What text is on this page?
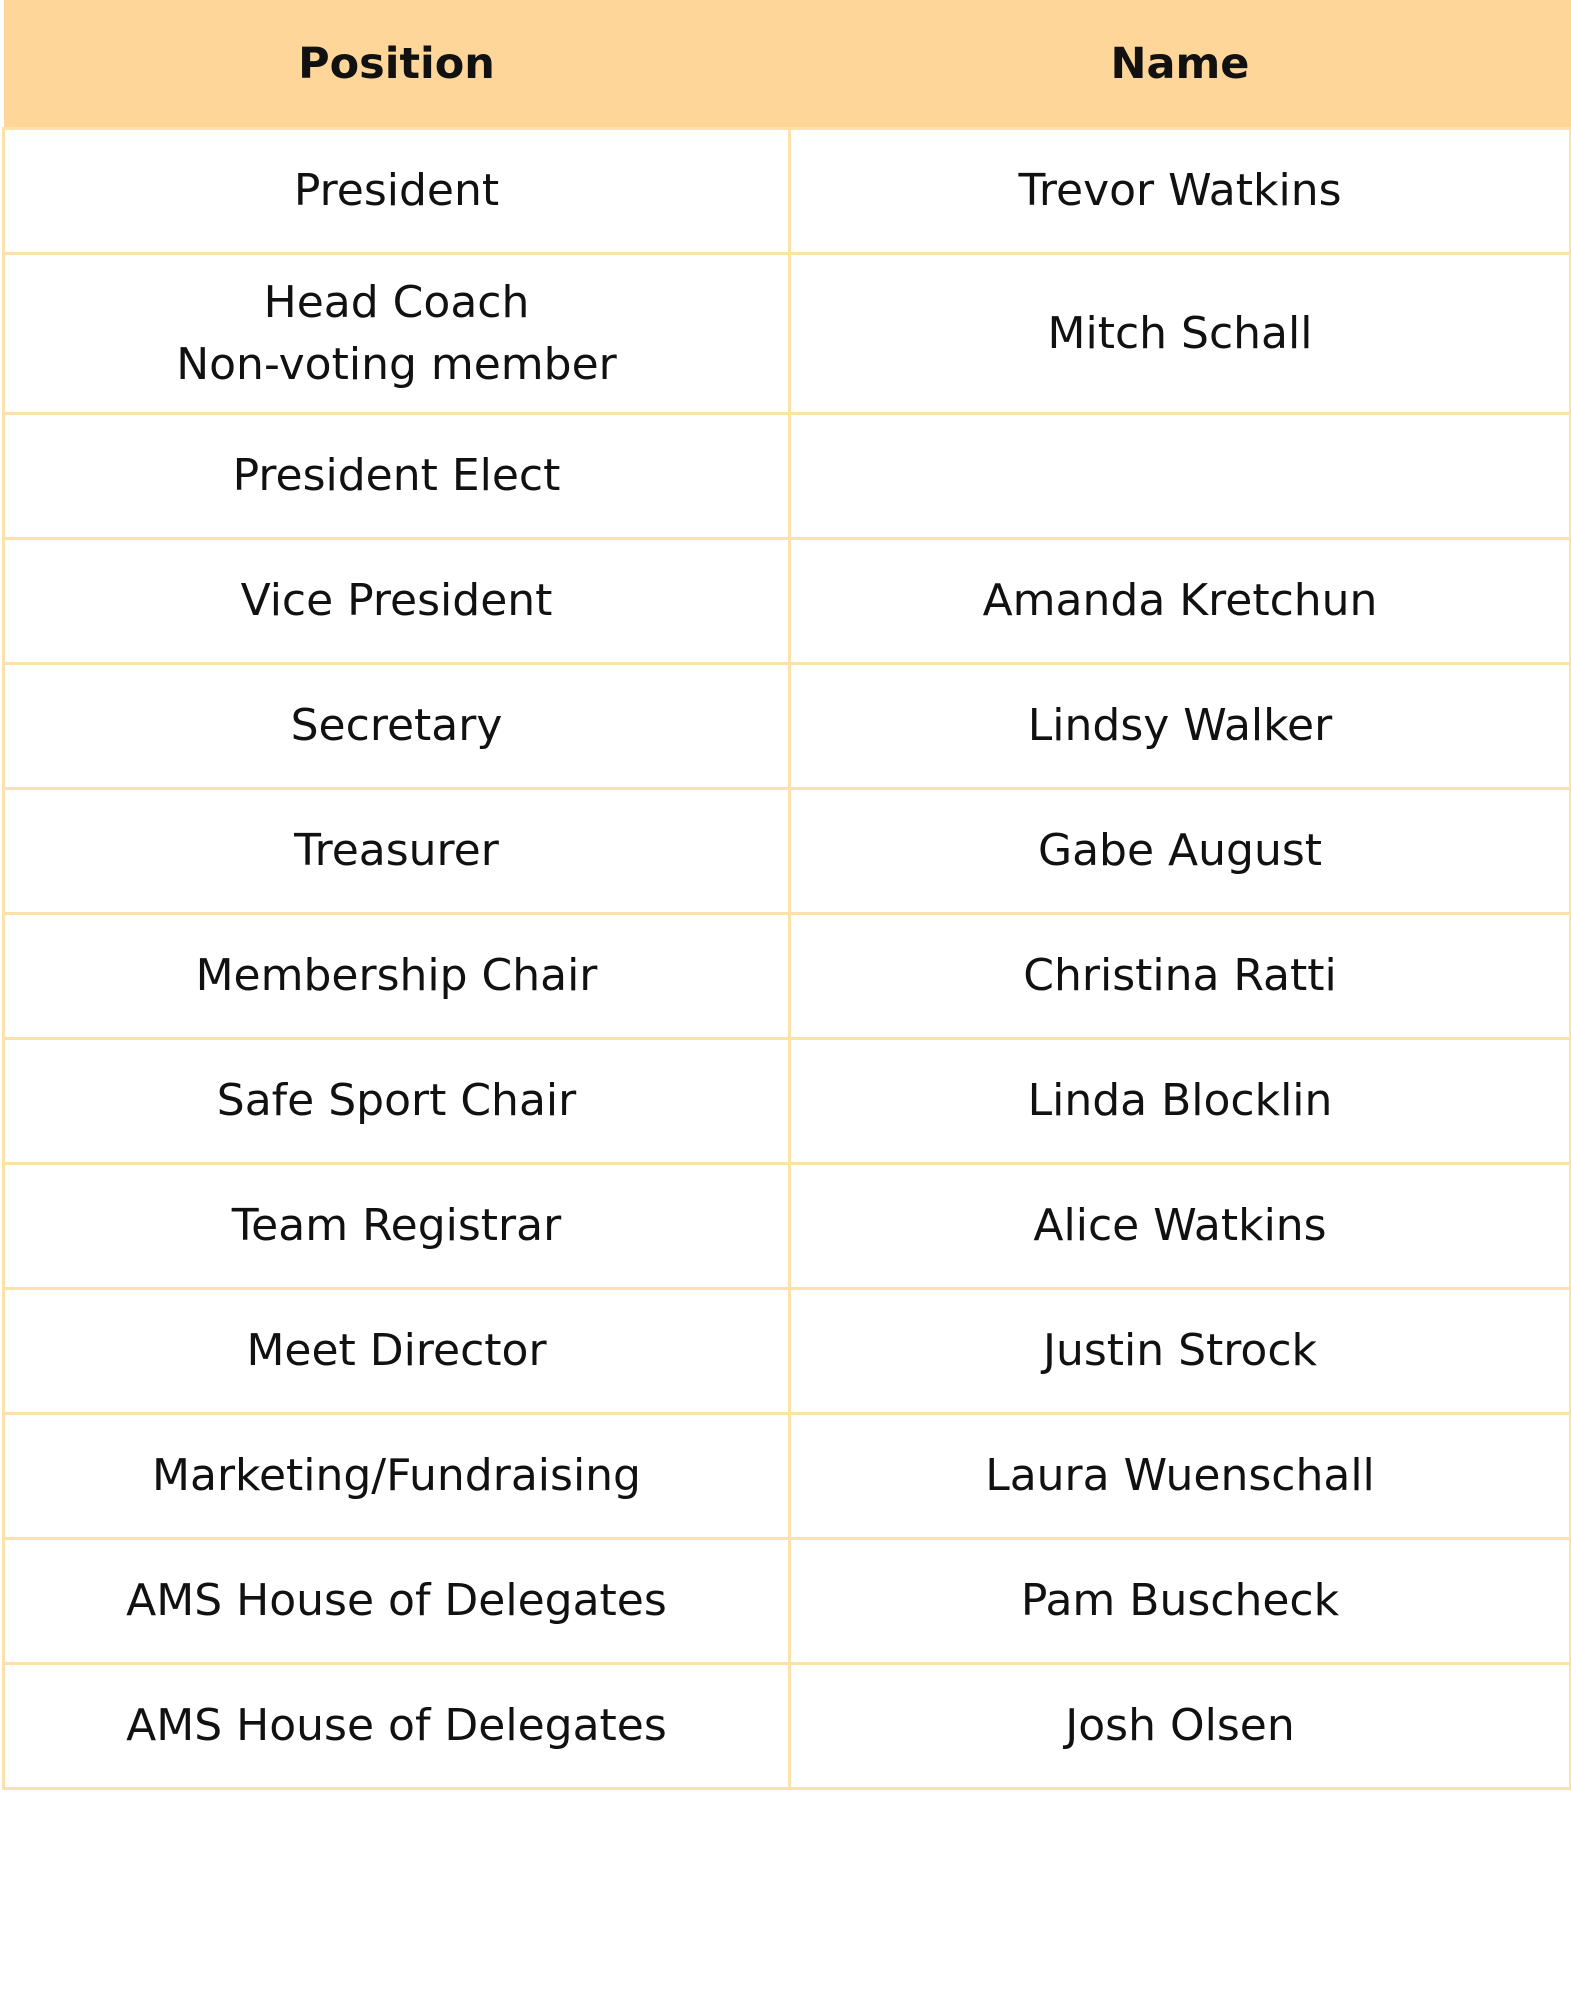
Position	Name
President	Trevor Watkins
Head Coach
Non-voting member	Mitch Schall
President Elect	
Vice President	Amanda Kretchun
Secretary	Lindsy Walker
Treasurer	Gabe August
Membership Chair	Christina Ratti
Safe Sport Chair	Linda Blocklin
Team Registrar	Alice Watkins
Meet Director	Justin Strock
Marketing/Fundraising	Laura Wuenschall
AMS House of Delegates	Pam Buscheck
AMS House of Delegates	Josh Olsen
